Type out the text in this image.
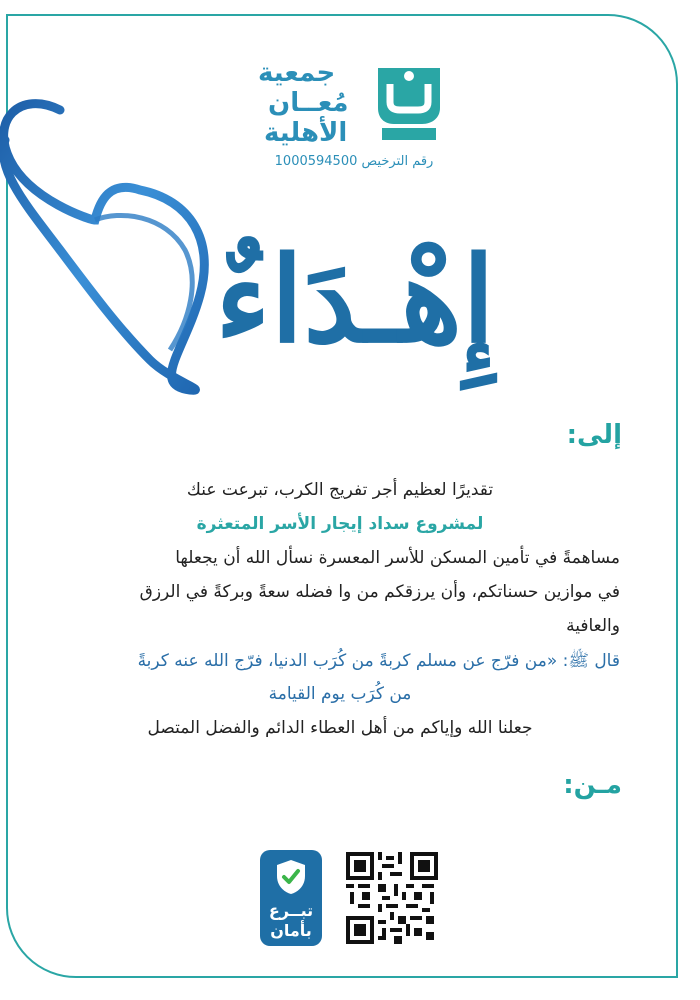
جمعية
مُعــان
الأهلية
رقم الترخيص 1000594500
إِهْـدَاءٌ
إلى:
تقديرًا لعظيم أجر تفريج الكرب، تبرعت عنك
لمشروع سداد إيجار الأسر المتعثرة
مساهمةً في تأمين المسكن للأسر المعسرة نسأل الله أن يجعلها
في موازين حسناتكم، وأن يرزقكم من وا فضله سعةً وبركةً في الرزق
والعافية
قال ﷺ: «من فرّج عن مسلم كربةً من كُرَب الدنيا، فرّج الله عنه كربةً
من كُرَب يوم القيامة
جعلنا الله وإياكم من أهل العطاء الدائم والفضل المتصل
مـن:
تبــرع
بأمان
